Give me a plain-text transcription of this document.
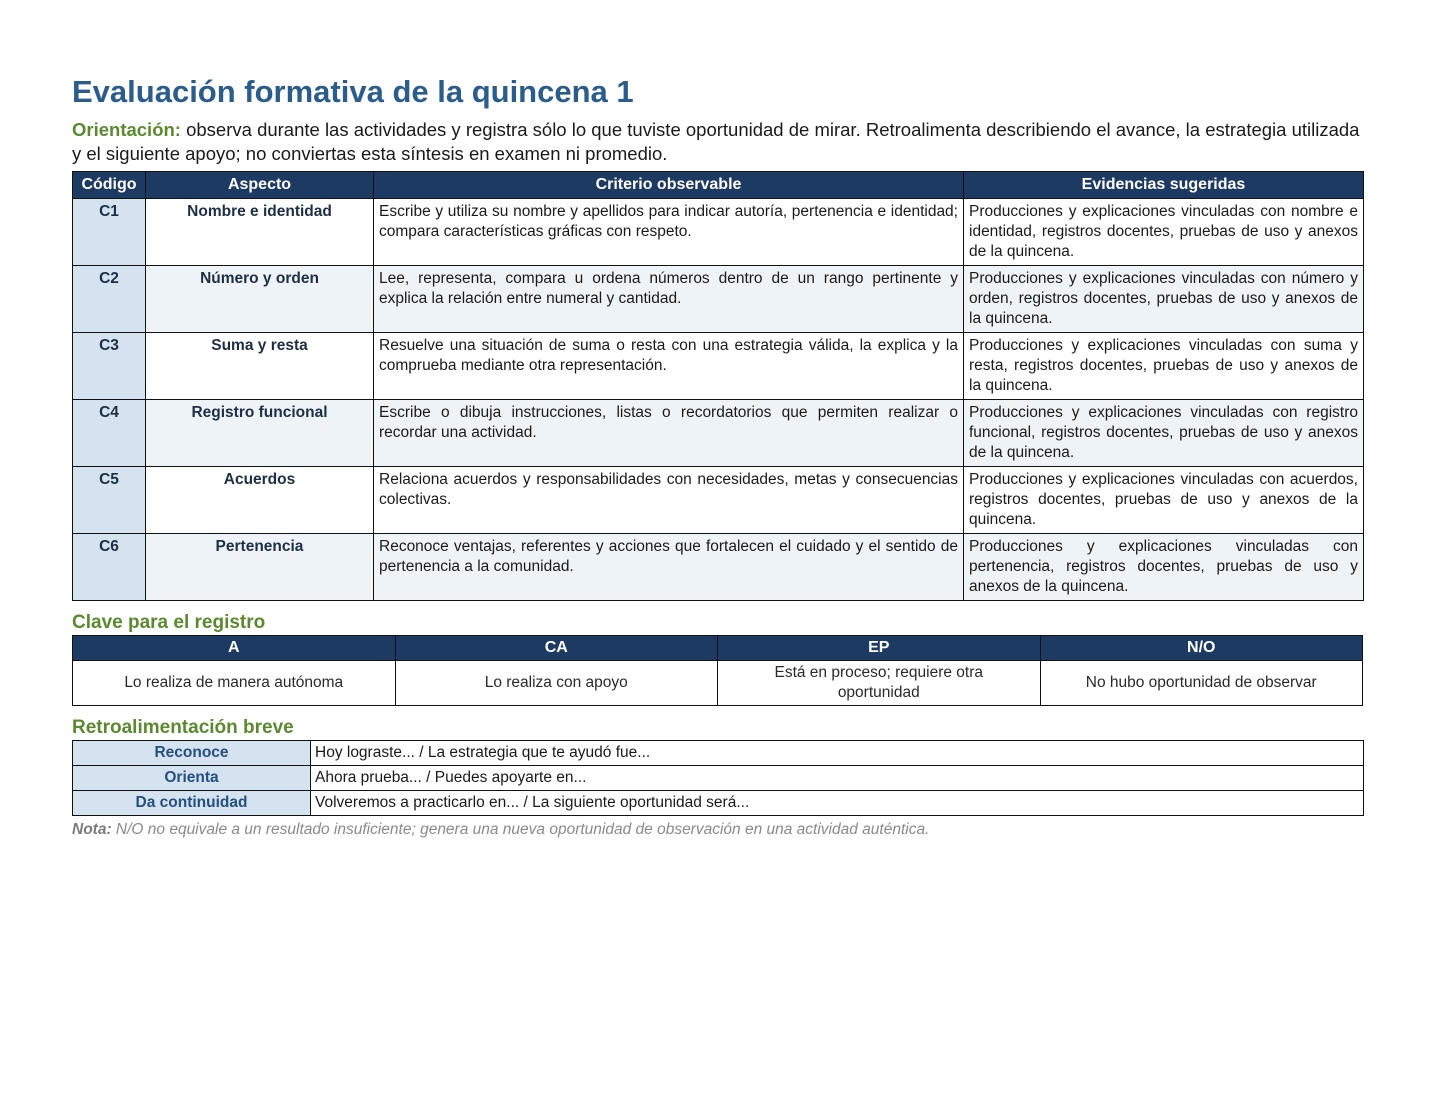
Evaluación formativa de la quincena 1
Orientación: observa durante las actividades y registra sólo lo que tuviste oportunidad de mirar. Retroalimenta describiendo el avance, la estrategia utilizada y el siguiente apoyo; no conviertas esta síntesis en examen ni promedio.
Código	Aspecto	Criterio observable	Evidencias sugeridas
C1	Nombre e identidad	Escribe y utiliza su nombre y apellidos para indicar autoría, pertenencia e identidad; compara características gráficas con respeto.	Producciones y explicaciones vinculadas con nombre e identidad, registros docentes, pruebas de uso y anexos de la quincena.
C2	Número y orden	Lee, representa, compara u ordena números dentro de un rango pertinente y explica la relación entre numeral y cantidad.	Producciones y explicaciones vinculadas con número y orden, registros docentes, pruebas de uso y anexos de la quincena.
C3	Suma y resta	Resuelve una situación de suma o resta con una estrategia válida, la explica y la comprueba mediante otra representación.	Producciones y explicaciones vinculadas con suma y resta, registros docentes, pruebas de uso y anexos de la quincena.
C4	Registro funcional	Escribe o dibuja instrucciones, listas o recordatorios que permiten realizar o recordar una actividad.	Producciones y explicaciones vinculadas con registro funcional, registros docentes, pruebas de uso y anexos de la quincena.
C5	Acuerdos	Relaciona acuerdos y responsabilidades con necesidades, metas y consecuencias colectivas.	Producciones y explicaciones vinculadas con acuerdos, registros docentes, pruebas de uso y anexos de la quincena.
C6	Pertenencia	Reconoce ventajas, referentes y acciones que fortalecen el cuidado y el sentido de pertenencia a la comunidad.	Producciones y explicaciones vinculadas con pertenencia, registros docentes, pruebas de uso y anexos de la quincena.
Clave para el registro
A	CA	EP	N/O
Lo realiza de manera autónoma	Lo realiza con apoyo	Está en proceso; requiere otra oportunidad	No hubo oportunidad de observar
Retroalimentación breve
Reconoce	Hoy lograste... / La estrategia que te ayudó fue...
Orienta	Ahora prueba... / Puedes apoyarte en...
Da continuidad	Volveremos a practicarlo en... / La siguiente oportunidad será...
Nota: N/O no equivale a un resultado insuficiente; genera una nueva oportunidad de observación en una actividad auténtica.
